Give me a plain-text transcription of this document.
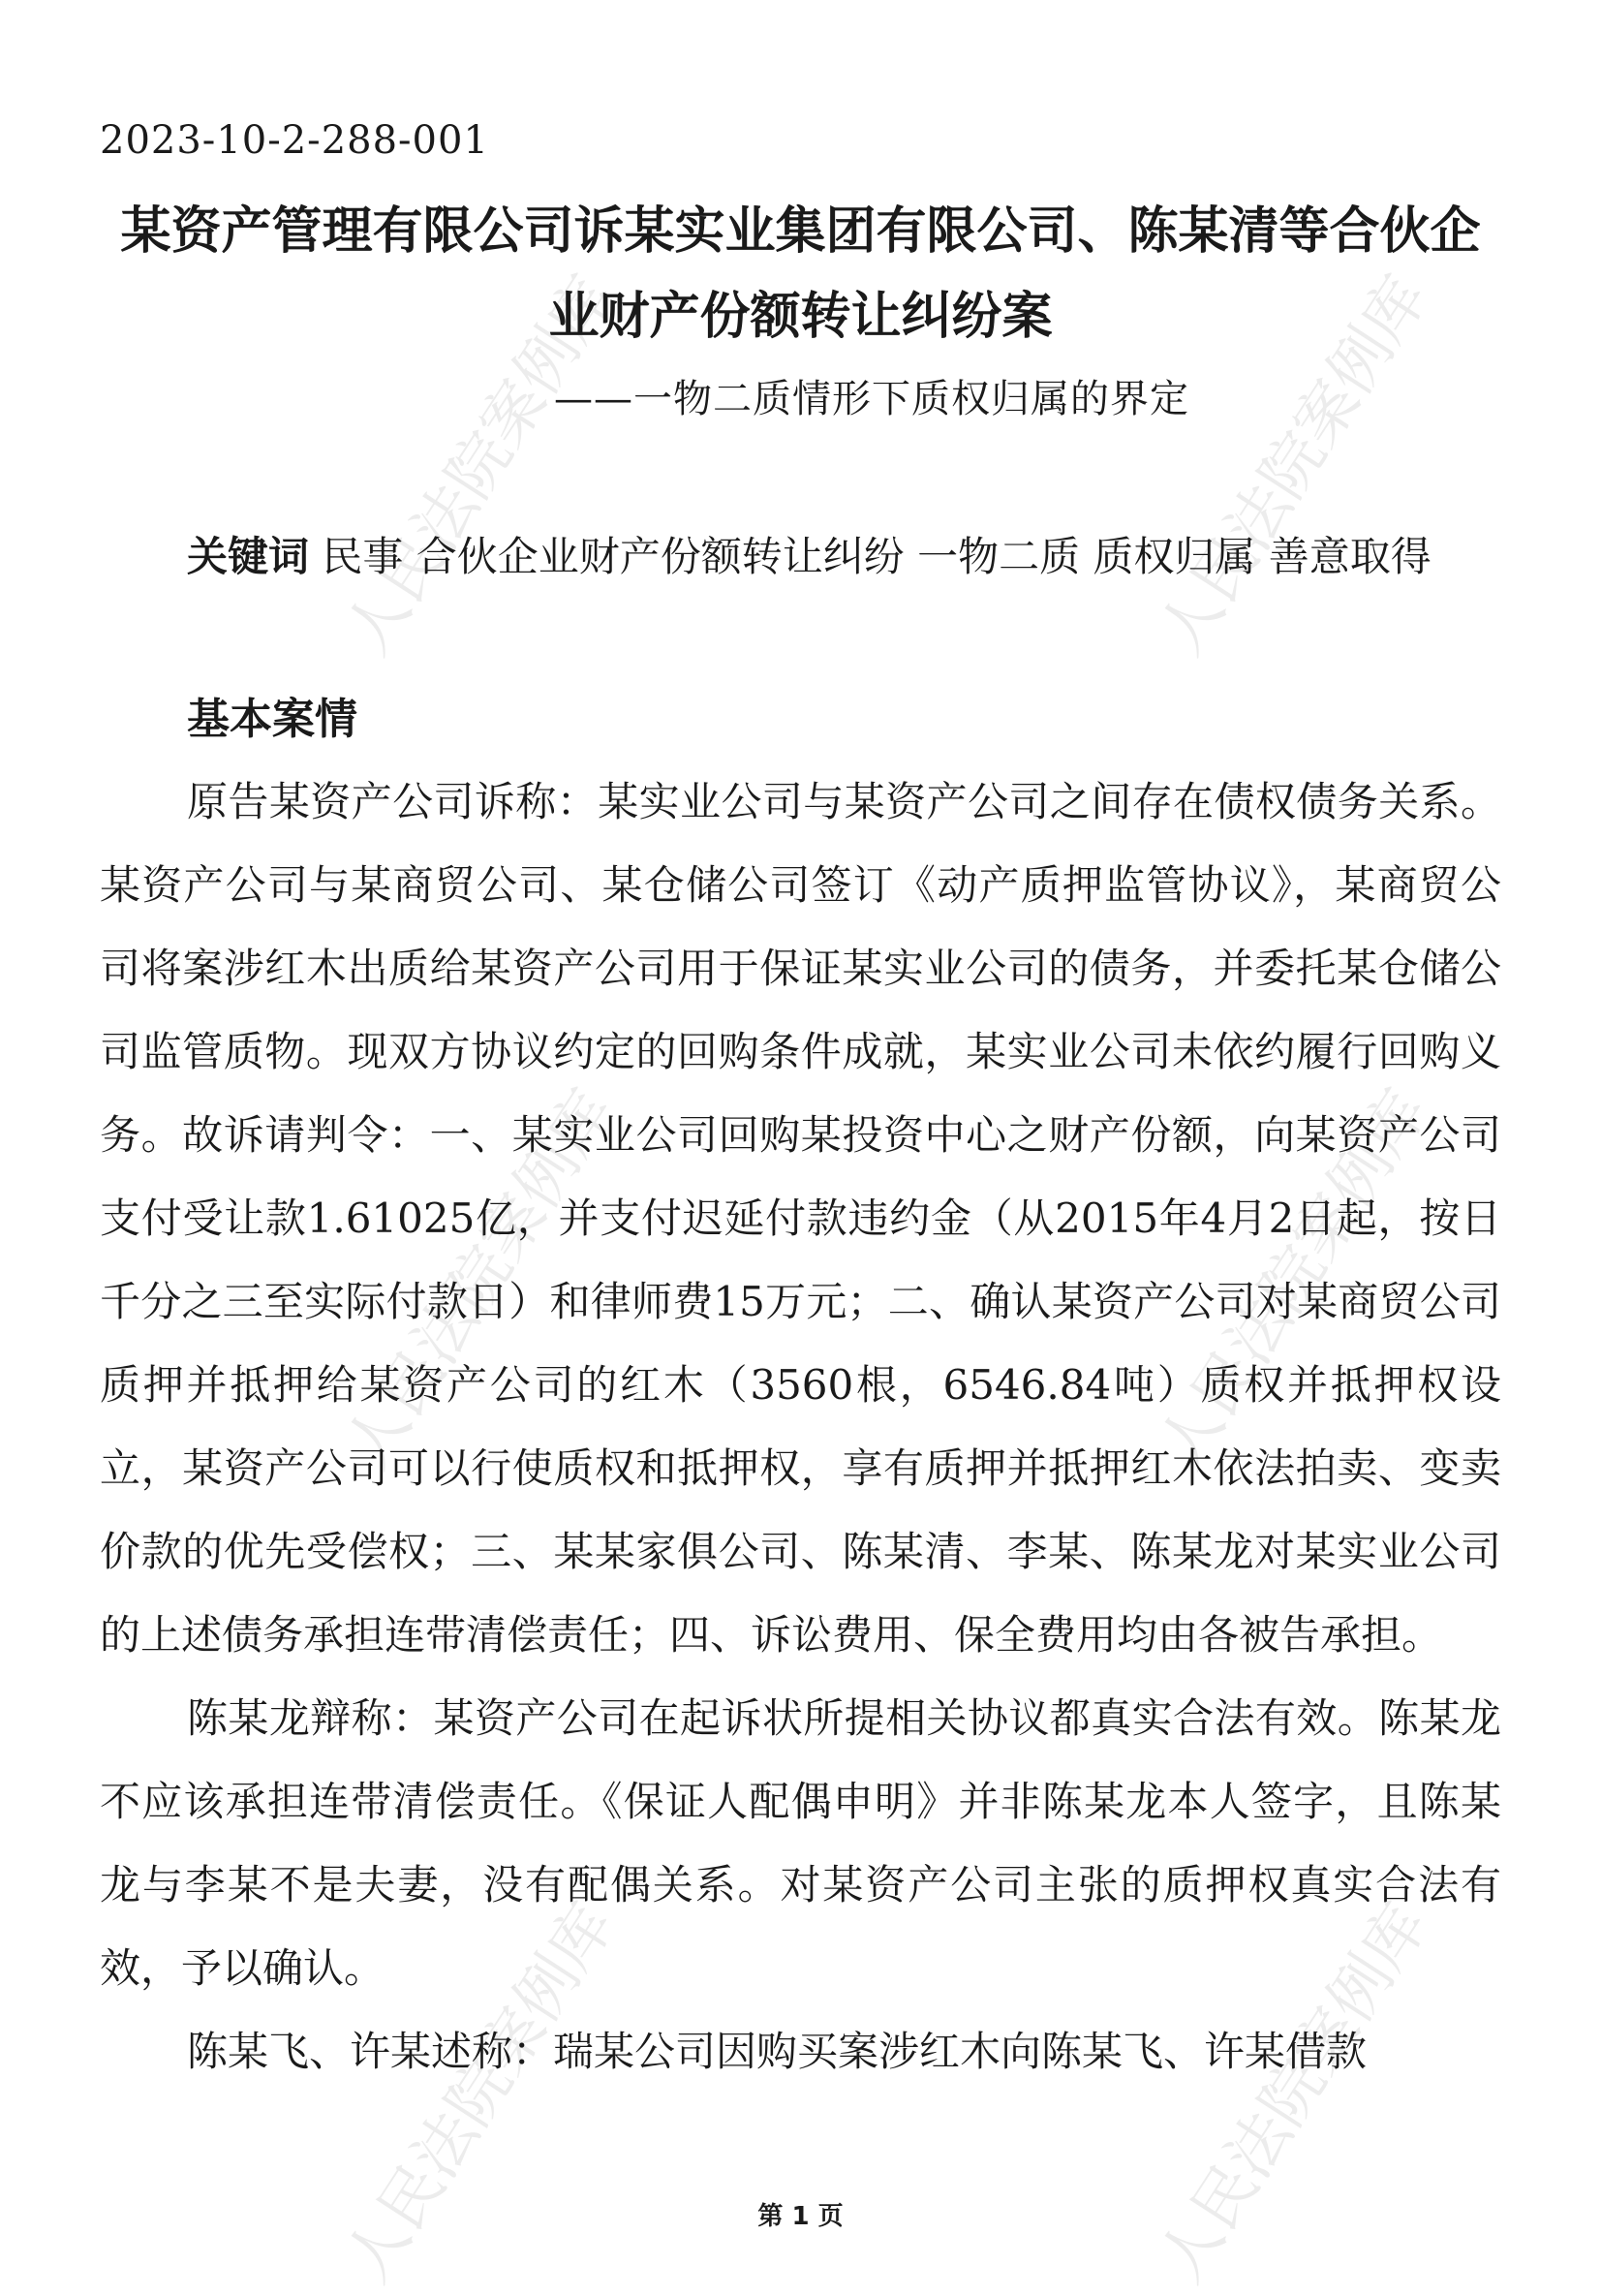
人民法院案例库	人民法院案例库
人民法院案例库	人民法院案例库
人民法院案例库	人民法院案例库
2023-10-2-288-001
某资产管理有限公司诉某实业集团有限公司、陈某清等合伙企业财产份额转让纠纷案
——一物二质情形下质权归属的界定
关键词 民事 合伙企业财产份额转让纠纷 一物二质 质权归属 善意取得
基本案情

原告某资产公司诉称：某实业公司与某资产公司之间存在债权债务关系。某资产公司与某商贸公司、某仓储公司签订《动产质押监管协议》，某商贸公司将案涉红木出质给某资产公司用于保证某实业公司的债务，并委托某仓储公司监管质物。现双方协议约定的回购条件成就，某实业公司未依约履行回购义务。故诉请判令：一、某实业公司回购某投资中心之财产份额，向某资产公司支付受让款1.61025亿，并支付迟延付款违约金（从2015年4月2日起，按日千分之三至实际付款日）和律师费15万元；二、确认某资产公司对某商贸公司质押并抵押给某资产公司的红木（3560根，6546.84吨）质权并抵押权设立，某资产公司可以行使质权和抵押权，享有质押并抵押红木依法拍卖、变卖价款的优先受偿权；三、某某家俱公司、陈某清、李某、陈某龙对某实业公司的上述债务承担连带清偿责任；四、诉讼费用、保全费用均由各被告承担。

陈某龙辩称：某资产公司在起诉状所提相关协议都真实合法有效。陈某龙不应该承担连带清偿责任。《保证人配偶申明》并非陈某龙本人签字，且陈某龙与李某不是夫妻，没有配偶关系。对某资产公司主张的质押权真实合法有效，予以确认。

陈某飞、许某述称：瑞某公司因购买案涉红木向陈某飞、许某借款

第 1 页
